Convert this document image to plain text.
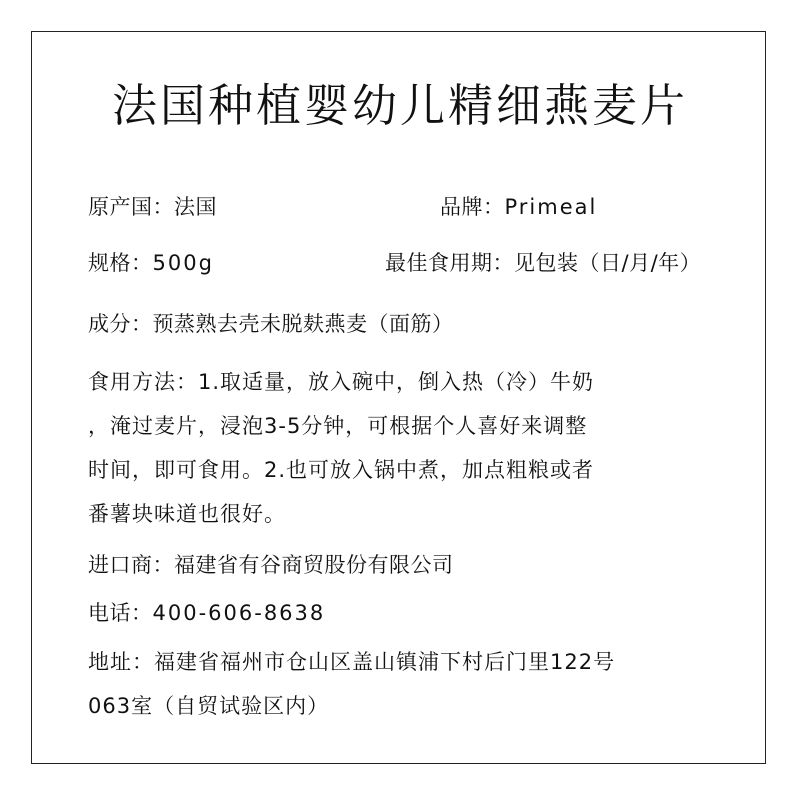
法国种植婴幼儿精细燕麦片
原产国：法国	品牌：Primeal
规格：500g	最佳食用期：见包装（日/月/年）
成分：预蒸熟去壳未脱麸燕麦（面筋）
食用方法：1.取适量，放入碗中，倒入热（冷）牛奶
，淹过麦片，浸泡3-5分钟，可根据个人喜好来调整
时间，即可食用。2.也可放入锅中煮，加点粗粮或者
番薯块味道也很好。
进口商：福建省有谷商贸股份有限公司
电话：400-606-8638
地址：福建省福州市仓山区盖山镇浦下村后门里122号
063室（自贸试验区内）
